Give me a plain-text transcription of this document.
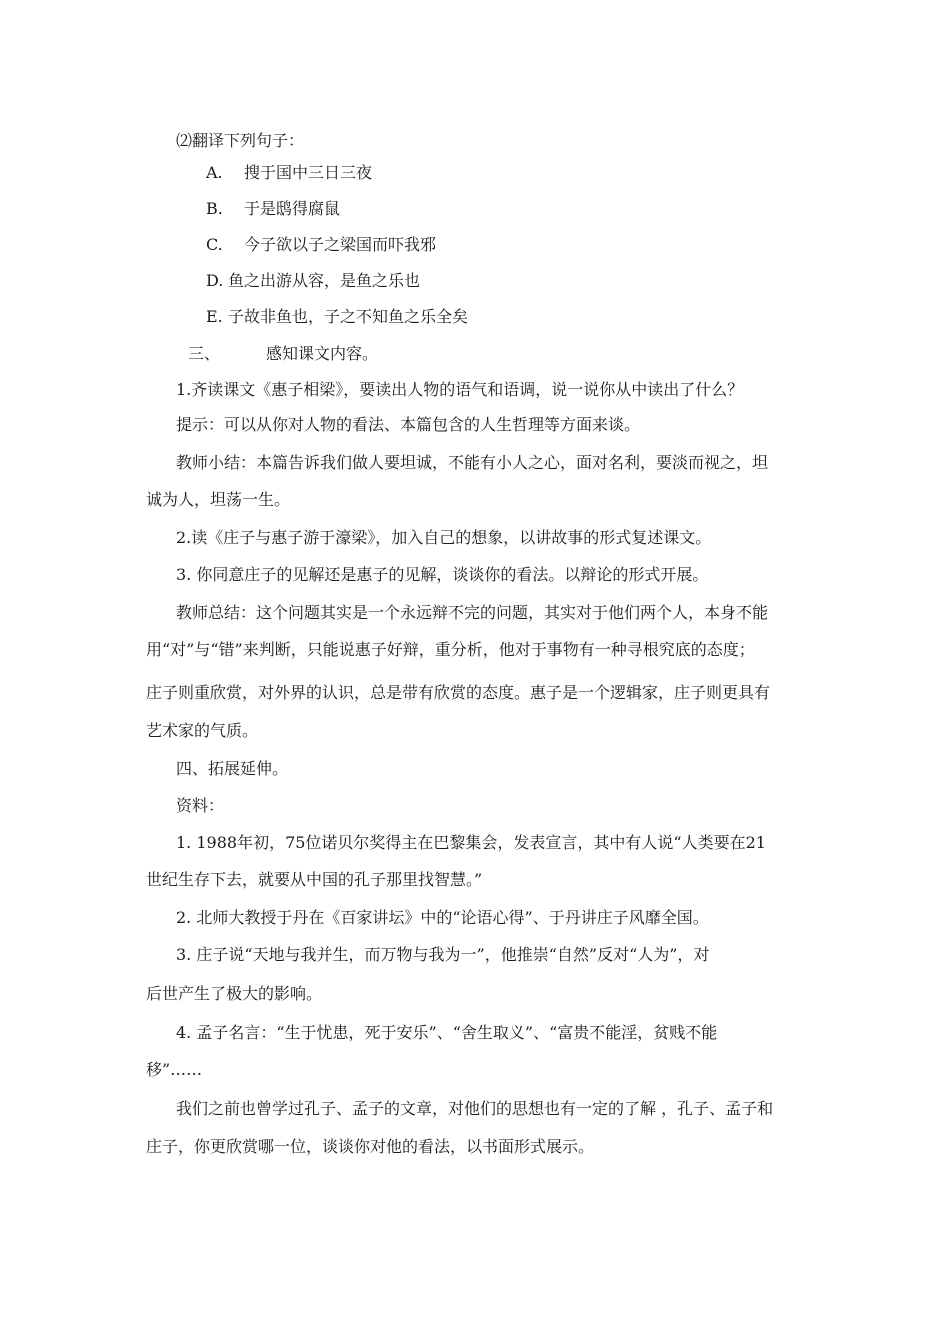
⑵翻译下列句子：
A. 搜于国中三日三夜
B. 于是鸱得腐鼠
C. 今子欲以子之梁国而吓我邪
D. 鱼之出游从容，是鱼之乐也
E. 子故非鱼也，子之不知鱼之乐全矣
三、	感知课文内容。
1.齐读课文《惠子相梁》，要读出人物的语气和语调，说一说你从中读出了什么？
提示：可以从你对人物的看法、本篇包含的人生哲理等方面来谈。
教师小结：本篇告诉我们做人要坦诚，不能有小人之心，面对名利，要淡而视之，坦
诚为人，坦荡一生。
2.读《庄子与惠子游于濠梁》，加入自己的想象，以讲故事的形式复述课文。
3. 你同意庄子的见解还是惠子的见解，谈谈你的看法。以辩论的形式开展。
教师总结：这个问题其实是一个永远辩不完的问题，其实对于他们两个人，本身不能
用“对”与“错”来判断，只能说惠子好辩，重分析，他对于事物有一种寻根究底的态度；
庄子则重欣赏，对外界的认识，总是带有欣赏的态度。惠子是一个逻辑家，庄子则更具有
艺术家的气质。
四、拓展延伸。
资料：
1. 1988年初，75位诺贝尔奖得主在巴黎集会，发表宣言，其中有人说“人类要在21
世纪生存下去，就要从中国的孔子那里找智慧。”
2. 北师大教授于丹在《百家讲坛》中的“论语心得”、于丹讲庄子风靡全国。
3. 庄子说“天地与我并生，而万物与我为一”，他推崇“自然”反对“人为”，对
后世产生了极大的影响。
4. 孟子名言：“生于忧患，死于安乐”、“舍生取义”、“富贵不能淫，贫贱不能
移”……
我们之前也曾学过孔子、孟子的文章，对他们的思想也有一定的了解 ，孔子、孟子和
庄子，你更欣赏哪一位，谈谈你对他的看法，以书面形式展示。
